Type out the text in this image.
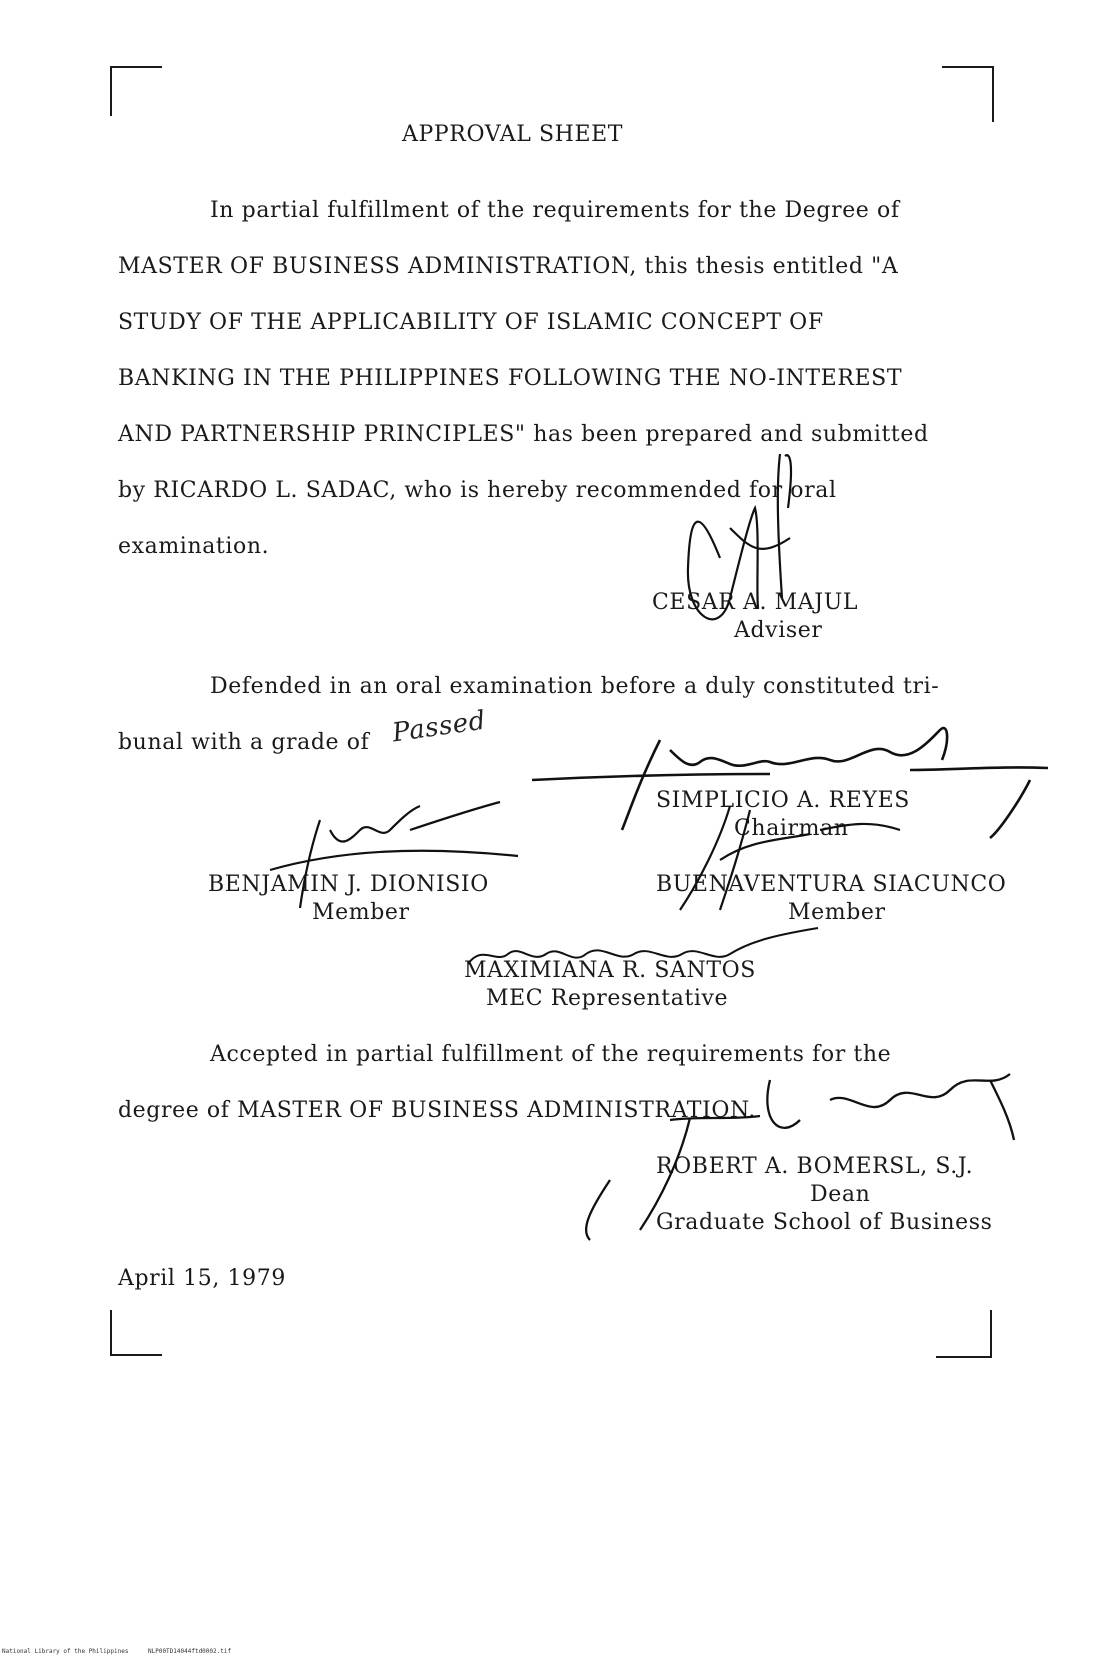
APPROVAL SHEET
In partial fulfillment of the requirements for the Degree of
MASTER OF BUSINESS ADMINISTRATION, this thesis entitled "A
STUDY OF THE APPLICABILITY OF ISLAMIC CONCEPT OF
BANKING IN THE PHILIPPINES FOLLOWING THE NO-INTEREST
AND PARTNERSHIP PRINCIPLES" has been prepared and submitted
by RICARDO L. SADAC, who is hereby recommended for oral
examination.
CESAR A. MAJUL
Adviser
Defended in an oral examination before a duly constituted tri-
bunal with a grade of Passed
SIMPLICIO A. REYES
Chairman
BENJAMIN J. DIONISIO
Member
BUENAVENTURA SIACUNCO
Member
MAXIMIANA R. SANTOS
MEC Representative
Accepted in partial fulfillment of the requirements for the
degree of MASTER OF BUSINESS ADMINISTRATION.
ROBERT A. BOMERSL, S.J.
Dean
Graduate School of Business
April 15, 1979
National Library of the Philippines	NLP00TD14044ftd0002.tif
